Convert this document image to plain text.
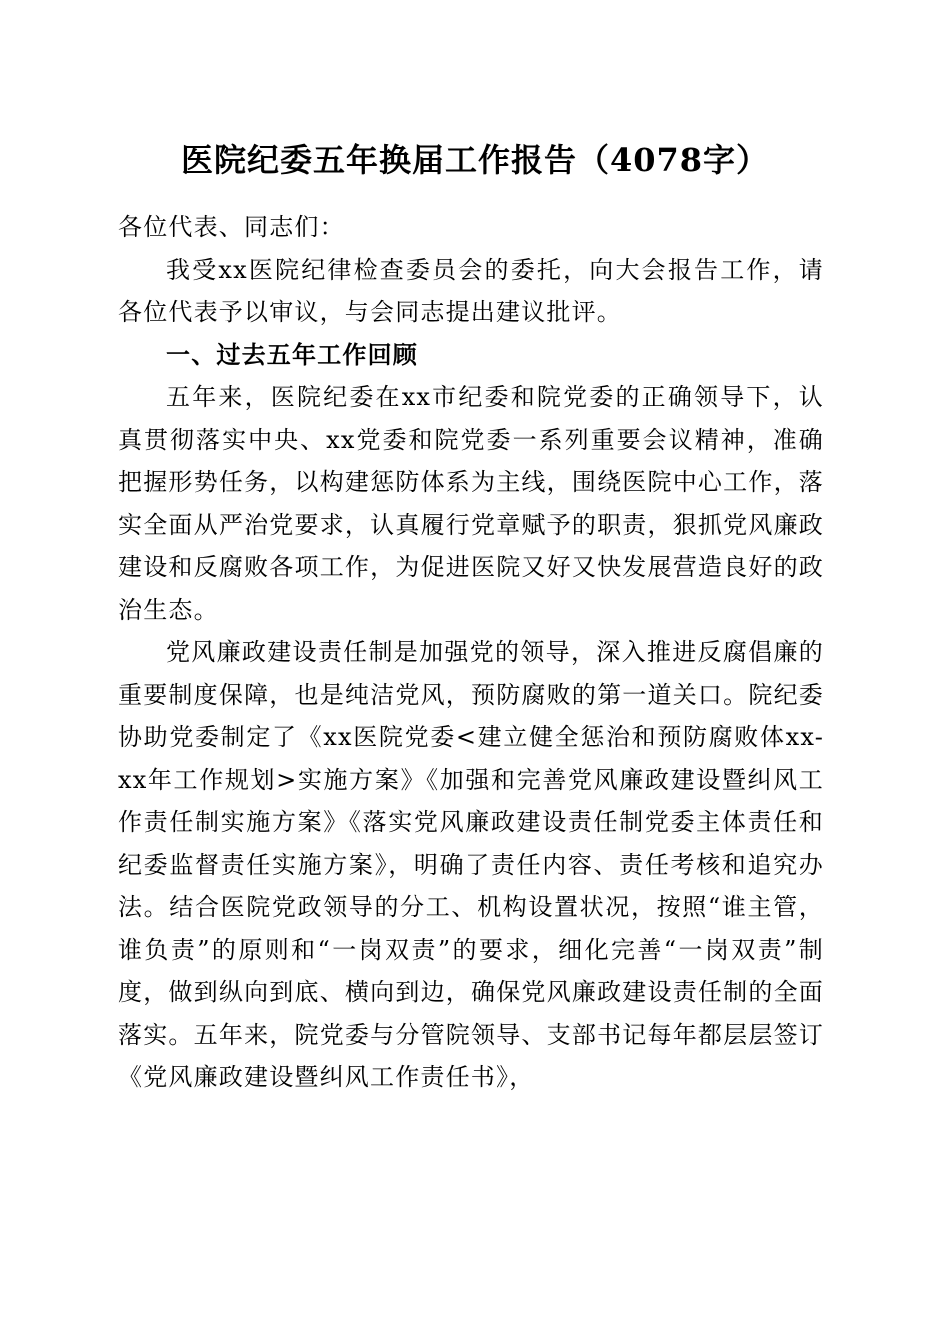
医院纪委五年换届工作报告（4078字）

各位代表、同志们：

我受xx医院纪律检查委员会的委托，向大会报告工作，请各位代表予以审议，与会同志提出建议批评。

一、过去五年工作回顾

五年来，医院纪委在xx市纪委和院党委的正确领导下，认真贯彻落实中央、xx党委和院党委一系列重要会议精神，准确把握形势任务，以构建惩防体系为主线，围绕医院中心工作，落实全面从严治党要求，认真履行党章赋予的职责，狠抓党风廉政建设和反腐败各项工作，为促进医院又好又快发展营造良好的政治生态。

党风廉政建设责任制是加强党的领导，深入推进反腐倡廉的重要制度保障，也是纯洁党风，预防腐败的第一道关口。院纪委协助党委制定了《xx医院党委<建立健全惩治和预防腐败体xx-xx年工作规划>实施方案》《加强和完善党风廉政建设暨纠风工作责任制实施方案》《落实党风廉政建设责任制党委主体责任和纪委监督责任实施方案》，明确了责任内容、责任考核和追究办法。结合医院党政领导的分工、机构设置状况，按照“谁主管，谁负责”的原则和“一岗双责”的要求，细化完善“一岗双责”制度，做到纵向到底、横向到边，确保党风廉政建设责任制的全面落实。五年来，院党委与分管院领导、支部书记每年都层层签订《党风廉政建设暨纠风工作责任书》，
